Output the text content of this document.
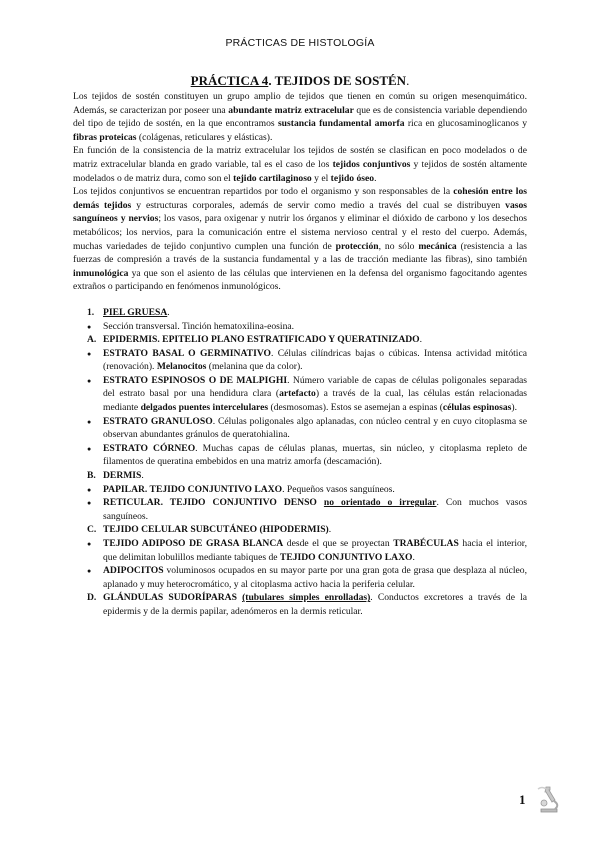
PRÁCTICAS DE HISTOLOGÍA
PRÁCTICA 4. TEJIDOS DE SOSTÉN.

Los tejidos de sostén constituyen un grupo amplio de tejidos que tienen en común su origen mesenquimático. Además, se caracterizan por poseer una abundante matriz extracelular que es de consistencia variable dependiendo del tipo de tejido de sostén, en la que encontramos sustancia fundamental amorfa rica en glucosaminoglicanos y fibras proteicas (colágenas, reticulares y elásticas).

En función de la consistencia de la matriz extracelular los tejidos de sostén se clasifican en poco modelados o de matriz extracelular blanda en grado variable, tal es el caso de los tejidos conjuntivos y tejidos de sostén altamente modelados o de matriz dura, como son el tejido cartilaginoso y el tejido óseo.

Los tejidos conjuntivos se encuentran repartidos por todo el organismo y son responsables de la cohesión entre los demás tejidos y estructuras corporales, además de servir como medio a través del cual se distribuyen vasos sanguíneos y nervios; los vasos, para oxigenar y nutrir los órganos y eliminar el dióxido de carbono y los desechos metabólicos; los nervios, para la comunicación entre el sistema nervioso central y el resto del cuerpo. Además, muchas variedades de tejido conjuntivo cumplen una función de protección, no sólo mecánica (resistencia a las fuerzas de compresión a través de la sustancia fundamental y a las de tracción mediante las fibras), sino también inmunológica ya que son el asiento de las células que intervienen en la defensa del organismo fagocitando agentes extraños o participando en fenómenos inmunológicos.

1. PIEL GRUESA.
●
Sección transversal. Tinción hematoxilina-eosina.
A. EPIDERMIS. EPITELIO PLANO ESTRATIFICADO Y QUERATINIZADO.
●
ESTRATO BASAL O GERMINATIVO. Células cilíndricas bajas o cúbicas. Intensa actividad mitótica (renovación). Melanocitos (melanina que da color).
●
ESTRATO ESPINOSOS O DE MALPIGHI. Número variable de capas de células poligonales separadas del estrato basal por una hendidura clara (artefacto) a través de la cual, las células están relacionadas mediante delgados puentes intercelulares (desmosomas). Estos se asemejan a espinas (células espinosas).
●
ESTRATO GRANULOSO. Células poligonales algo aplanadas, con núcleo central y en cuyo citoplasma se observan abundantes gránulos de queratohialina.
●
ESTRATO CÓRNEO. Muchas capas de células planas, muertas, sin núcleo, y citoplasma repleto de filamentos de queratina embebidos en una matriz amorfa (descamación).
B. DERMIS.
●
PAPILAR. TEJIDO CONJUNTIVO LAXO. Pequeños vasos sanguíneos.
●
RETICULAR. TEJIDO CONJUNTIVO DENSO no orientado o irregular. Con muchos vasos sanguíneos.
C. TEJIDO CELULAR SUBCUTÁNEO (HIPODERMIS).
●
TEJIDO ADIPOSO DE GRASA BLANCA desde el que se proyectan TRABÉCULAS hacia el interior, que delimitan lobulillos mediante tabiques de TEJIDO CONJUNTIVO LAXO.
●
ADIPOCITOS voluminosos ocupados en su mayor parte por una gran gota de grasa que desplaza al núcleo, aplanado y muy heterocromático, y al citoplasma activo hacia la periferia celular.
D. GLÁNDULAS SUDORÍPARAS (tubulares simples enrolladas). Conductos excretores a través de la epidermis y de la dermis papilar, adenómeros en la dermis reticular.
1
